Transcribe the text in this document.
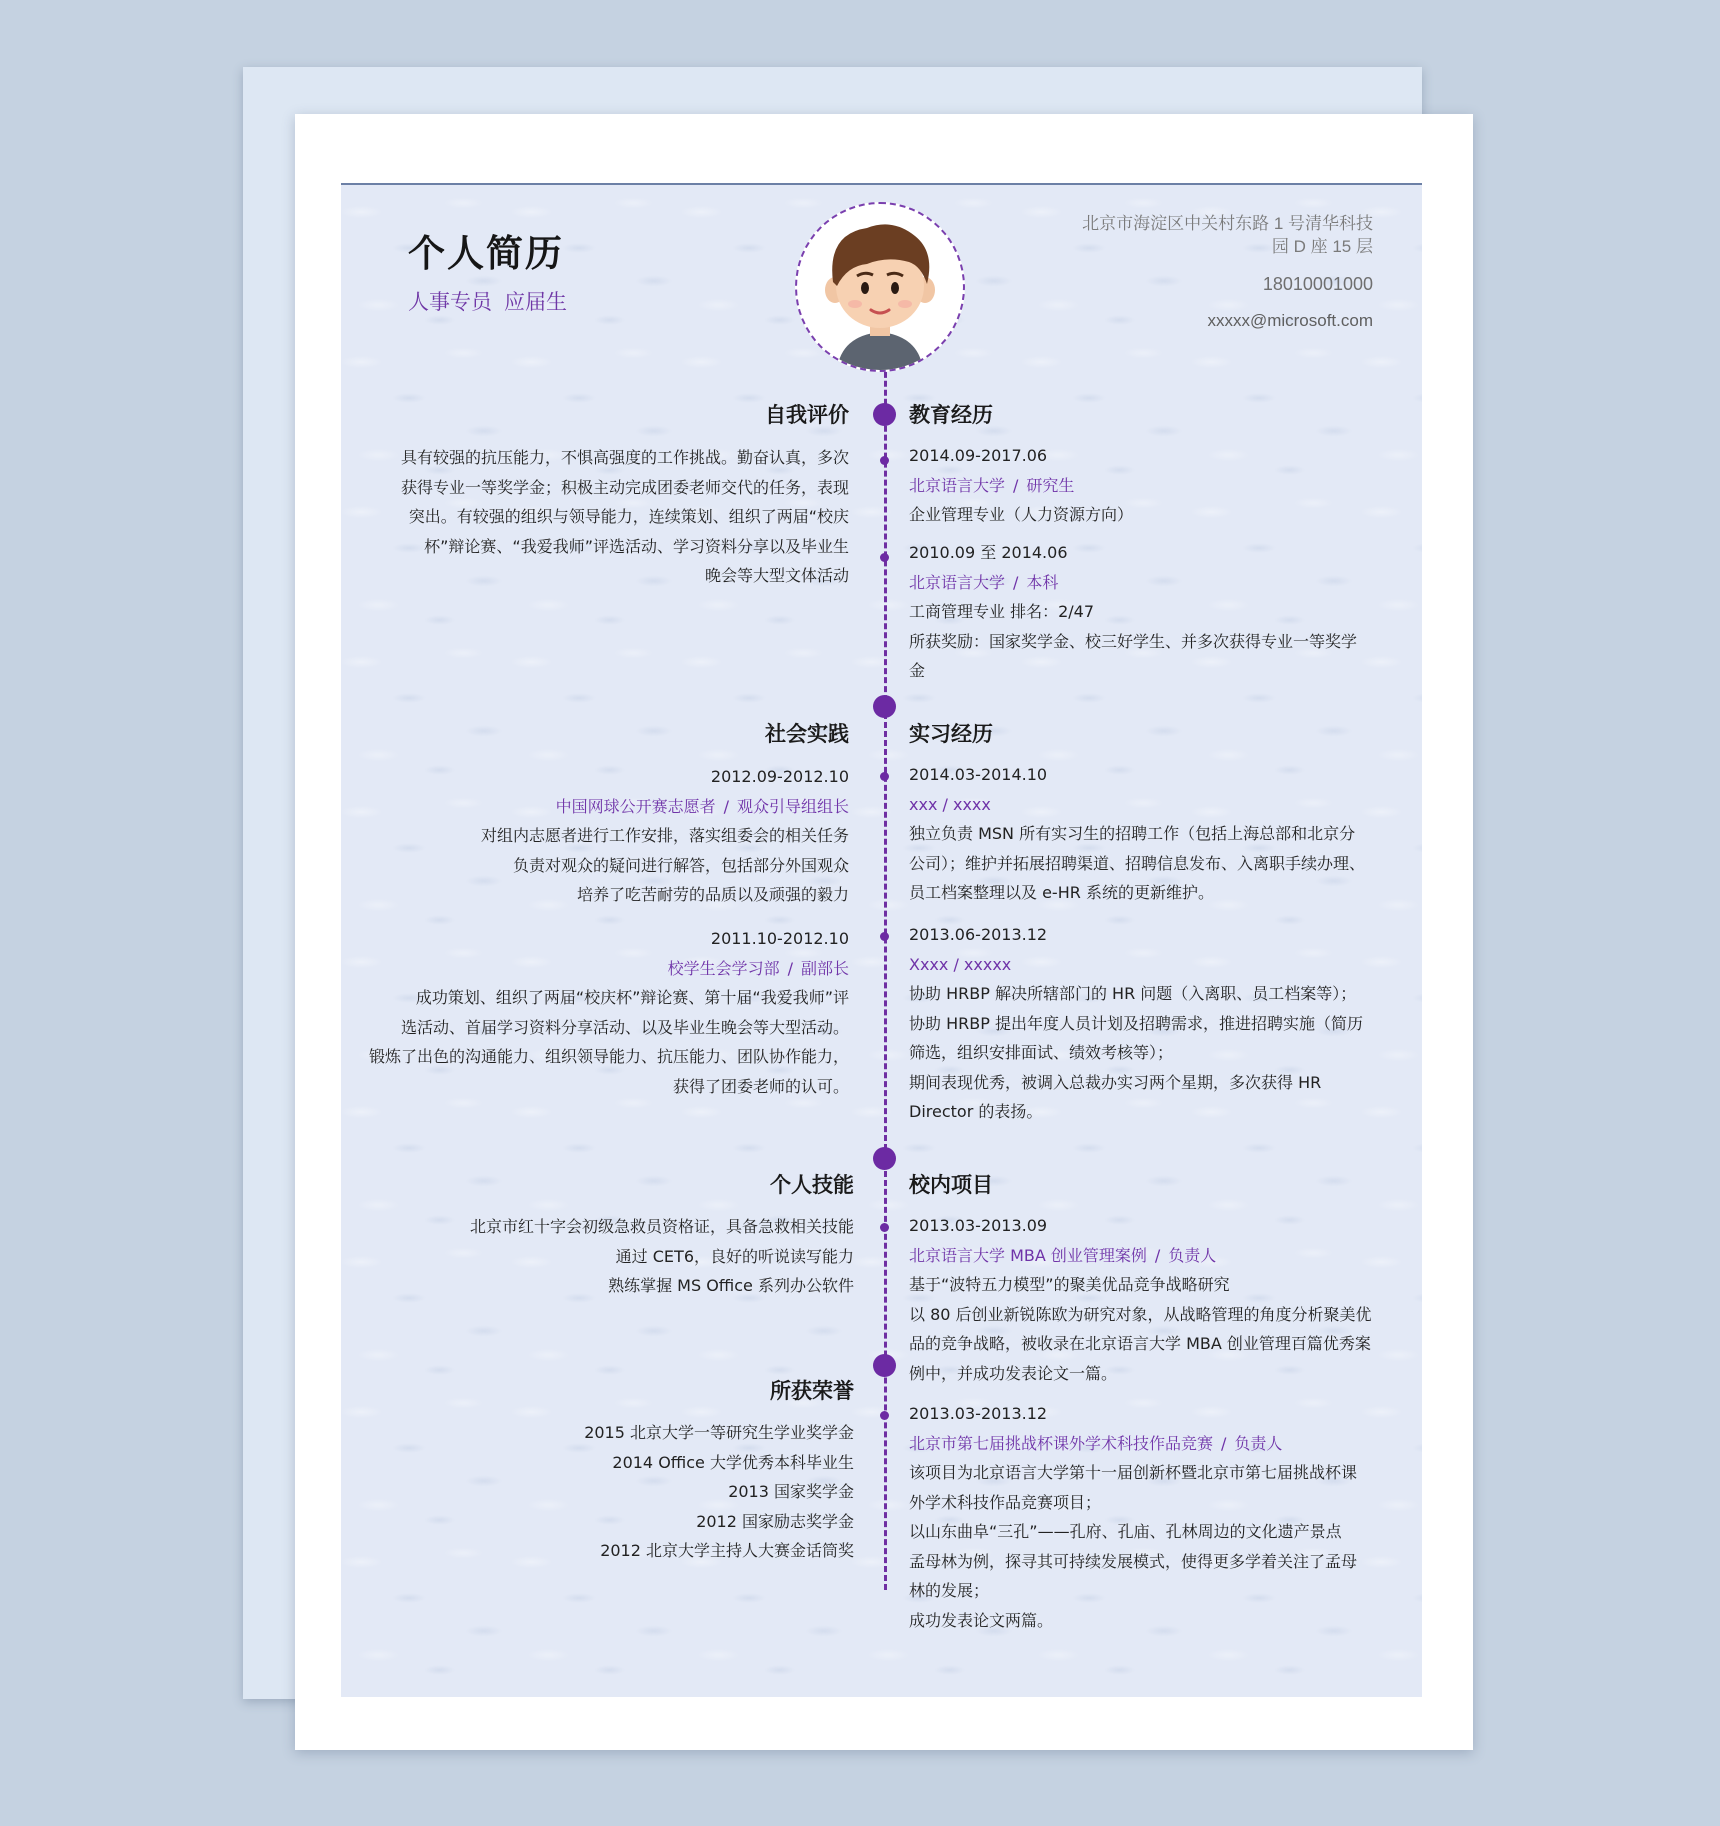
个人简历
人事专员 应届生
北京市海淀区中关村东路 1 号清华科技
园 D 座 15 层
18010001000
xxxxx@microsoft.com
自我评价
具有较强的抗压能力，不惧高强度的工作挑战。勤奋认真，多次
获得专业一等奖学金；积极主动完成团委老师交代的任务，表现
突出。有较强的组织与领导能力，连续策划、组织了两届“校庆
杯”辩论赛、“我爱我师”评选活动、学习资料分享以及毕业生
晚会等大型文体活动
社会实践
2012.09-2012.10
中国网球公开赛志愿者 / 观众引导组组长
对组内志愿者进行工作安排，落实组委会的相关任务
负责对观众的疑问进行解答，包括部分外国观众
培养了吃苦耐劳的品质以及顽强的毅力
2011.10-2012.10
校学生会学习部 / 副部长
成功策划、组织了两届“校庆杯”辩论赛、第十届“我爱我师”评
选活动、首届学习资料分享活动、以及毕业生晚会等大型活动。
锻炼了出色的沟通能力、组织领导能力、抗压能力、团队协作能力，
获得了团委老师的认可。
个人技能
北京市红十字会初级急救员资格证，具备急救相关技能
通过 CET6，良好的听说读写能力
熟练掌握 MS Office 系列办公软件
所获荣誉
2015 北京大学一等研究生学业奖学金
2014 Office 大学优秀本科毕业生
2013 国家奖学金
2012 国家励志奖学金
2012 北京大学主持人大赛金话筒奖
教育经历
2014.09-2017.06
北京语言大学 / 研究生
企业管理专业（人力资源方向）
2010.09 至 2014.06
北京语言大学 / 本科
工商管理专业 排名：2/47
所获奖励：国家奖学金、校三好学生、并多次获得专业一等奖学
金
实习经历
2014.03-2014.10
xxx / xxxx
独立负责 MSN 所有实习生的招聘工作（包括上海总部和北京分
公司）；维护并拓展招聘渠道、招聘信息发布、入离职手续办理、
员工档案整理以及 e-HR 系统的更新维护。
2013.06-2013.12
Xxxx / xxxxx
协助 HRBP 解决所辖部门的 HR 问题（入离职、员工档案等）；
协助 HRBP 提出年度人员计划及招聘需求，推进招聘实施（简历
筛选，组织安排面试、绩效考核等）；
期间表现优秀，被调入总裁办实习两个星期，多次获得 HR
Director 的表扬。
校内项目
2013.03-2013.09
北京语言大学 MBA 创业管理案例 / 负责人
基于“波特五力模型”的聚美优品竞争战略研究
以 80 后创业新锐陈欧为研究对象，从战略管理的角度分析聚美优
品的竞争战略，被收录在北京语言大学 MBA 创业管理百篇优秀案
例中，并成功发表论文一篇。
2013.03-2013.12
北京市第七届挑战杯课外学术科技作品竞赛 / 负责人
该项目为北京语言大学第十一届创新杯暨北京市第七届挑战杯课
外学术科技作品竞赛项目；
以山东曲阜“三孔”——孔府、孔庙、孔林周边的文化遗产景点
孟母林为例，探寻其可持续发展模式，使得更多学着关注了孟母
林的发展；
成功发表论文两篇。
